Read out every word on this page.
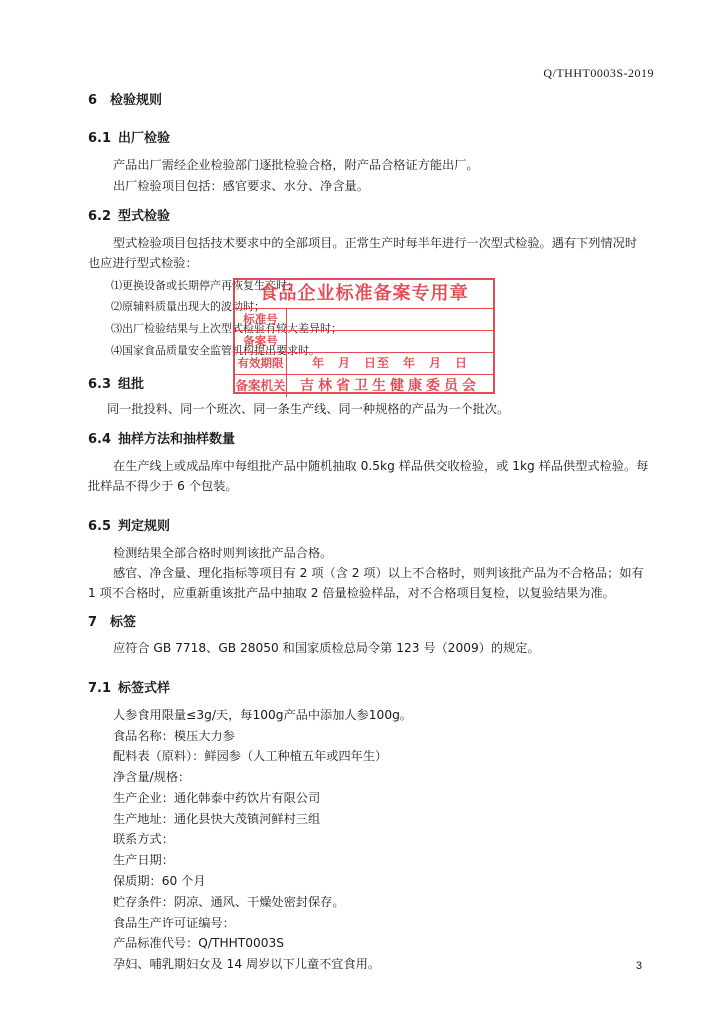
Q/THHT0003S-2019
6 检验规则
6.1 出厂检验
产品出厂需经企业检验部门逐批检验合格，附产品合格证方能出厂。
出厂检验项目包括：感官要求、水分、净含量。
6.2 型式检验
型式检验项目包括技术要求中的全部项目。正常生产时每半年进行一次型式检验。遇有下列情况时
也应进行型式检验：
⑴更换设备或长期停产再恢复生产时；
⑵原辅料质量出现大的波动时；
⑶出厂检验结果与上次型式检验有较大差异时；
⑷国家食品质量安全监管机构提出要求时。
6.3 组批
同一批投料、同一个班次、同一条生产线、同一种规格的产品为一个批次。
6.4 抽样方法和抽样数量
在生产线上或成品库中每组批产品中随机抽取 0.5kg 样品供交收检验，或 1kg 样品供型式检验。每
批样品不得少于 6 个包装。
6.5 判定规则
检测结果全部合格时则判该批产品合格。
感官、净含量、理化指标等项目有 2 项（含 2 项）以上不合格时，则判该批产品为不合格品；如有
1 项不合格时，应重新重该批产品中抽取 2 倍量检验样品，对不合格项目复检，以复验结果为准。
7 标签
应符合 GB 7718、GB 28050 和国家质检总局令第 123 号（2009）的规定。
7.1 标签式样
人参食用限量≤3g/天，每100g产品中添加人参100g。
食品名称：模压大力参
配料表（原料）：鲜园参（人工种植五年或四年生）
净含量/规格：
生产企业：通化韩泰中药饮片有限公司
生产地址：通化县快大茂镇河鲜村三组
联系方式：
生产日期：
保质期：60 个月
贮存条件：阴凉、通风、干燥处密封保存。
食品生产许可证编号：
产品标准代号：Q/THHT0003S
孕妇、哺乳期妇女及 14 周岁以下儿童不宜食用。
食品企业标准备案专用章
标准号
备案号
有效期限	年　月　日至　年　月　日
备案机关	吉林省卫生健康委员会
3
